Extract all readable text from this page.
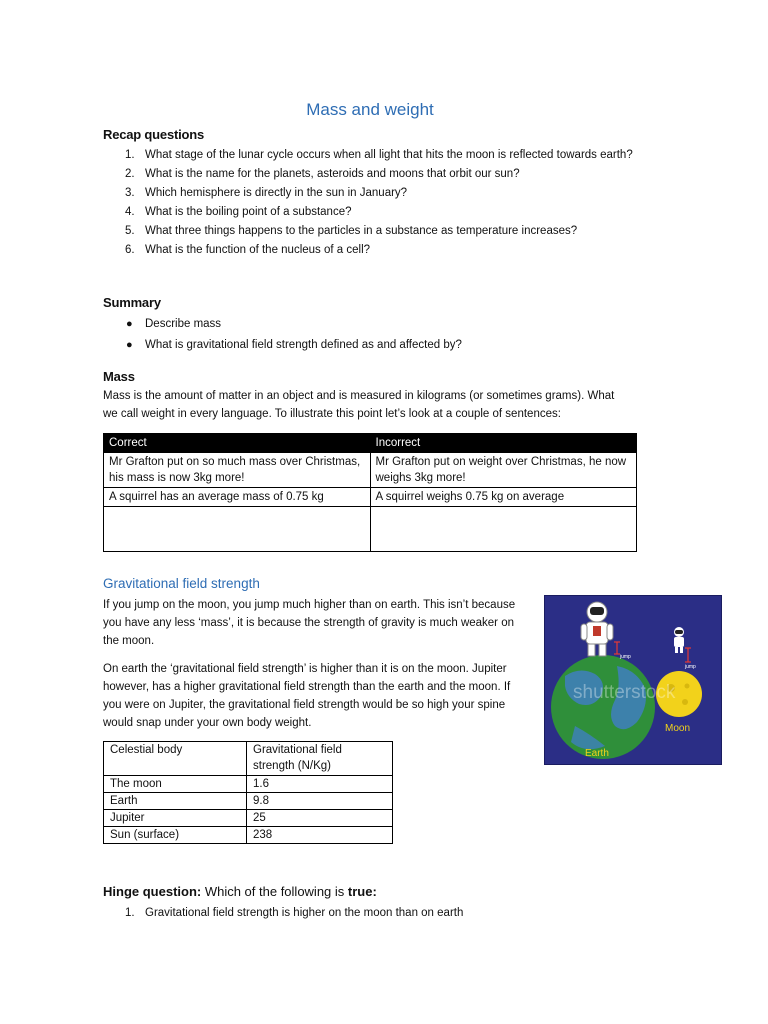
Mass and weight
Recap questions
1. What stage of the lunar cycle occurs when all light that hits the moon is reflected towards earth?
2. What is the name for the planets, asteroids and moons that orbit our sun?
3. Which hemisphere is directly in the sun in January?
4. What is the boiling point of a substance?
5. What three things happens to the particles in a substance as temperature increases?
6. What is the function of the nucleus of a cell?
Summary
● Describe mass
● What is gravitational field strength defined as and affected by?
Mass
Mass is the amount of matter in an object and is measured in kilograms (or sometimes grams). What
we call weight in every language. To illustrate this point let’s look at a couple of sentences:
Correct	Incorrect
Mr Grafton put on so much mass over Christmas, his mass is now 3kg more!	Mr Grafton put on weight over Christmas, he now weighs 3kg more!
A squirrel has an average mass of 0.75 kg	A squirrel weighs 0.75 kg on average

Gravitational field strength

If you jump on the moon, you jump much higher than on earth. This isn’t because
you have any less ‘mass’, it is because the strength of gravity is much weaker on
the moon.

On earth the ‘gravitational field strength’ is higher than it is on the moon. Jupiter
however, has a higher gravitational field strength than the earth and the moon. If
you were on Jupiter, the gravitational field strength would be so high your spine
would snap under your own body weight.

Celestial body	Gravitational field strength (N/Kg)
The moon	1.6
Earth	9.8
Jupiter	25
Sun (surface)	238
jump
jump
shutterstock
Earth
Moon
Hinge question: Which of the following is true:
1. Gravitational field strength is higher on the moon than on earth
